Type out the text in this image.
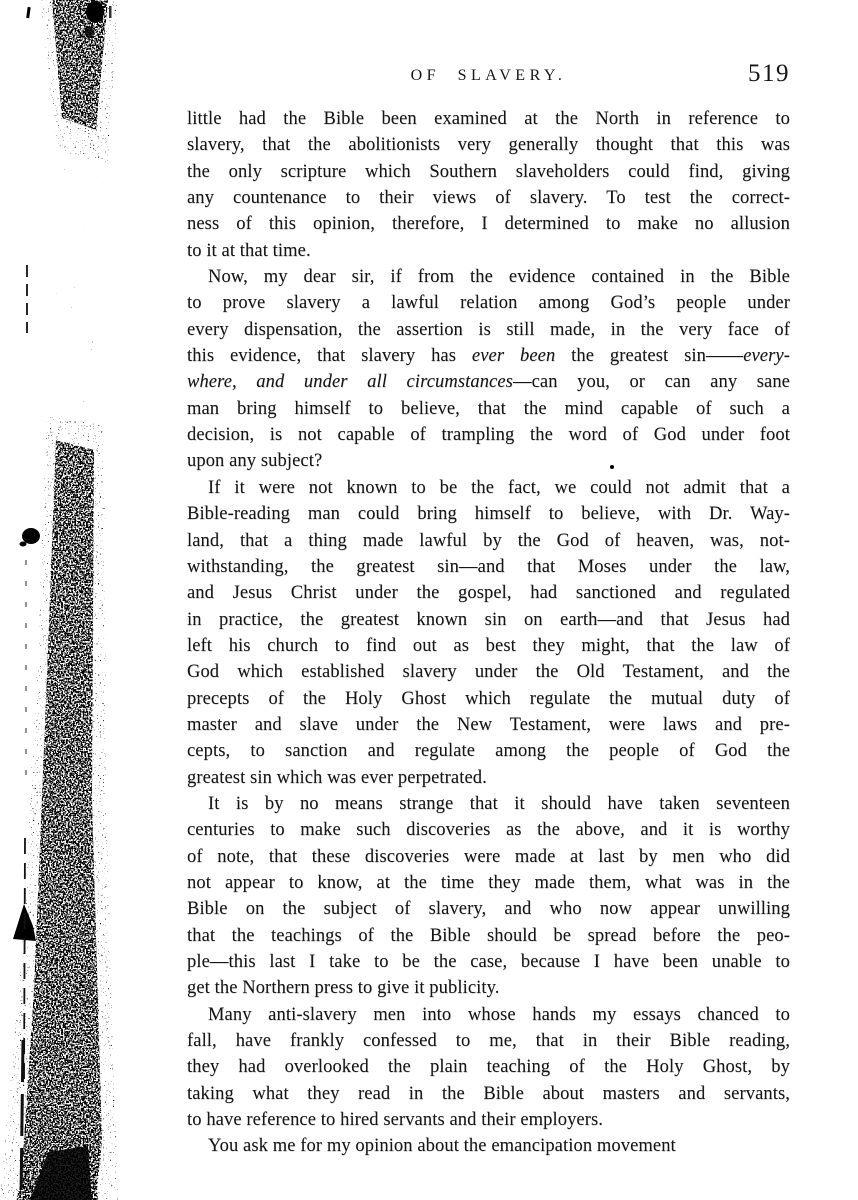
OF SLAVERY.	519
little had the Bible been examined at the North in reference to
slavery, that the abolitionists very generally thought that this was
the only scripture which Southern slaveholders could find, giving
any countenance to their views of slavery. To test the correct-
ness of this opinion, therefore, I determined to make no allusion
to it at that time.
Now, my dear sir, if from the evidence contained in the Bible
to prove slavery a lawful relation among God’s people under
every dispensation, the assertion is still made, in the very face of
this evidence, that slavery has ever been the greatest sin——every-
where, and under all circumstances—can you, or can any sane
man bring himself to believe, that the mind capable of such a
decision, is not capable of trampling the word of God under foot
upon any subject?
If it were not known to be the fact, we could not admit that a
Bible-reading man could bring himself to believe, with Dr. Way-
land, that a thing made lawful by the God of heaven, was, not-
withstanding, the greatest sin—and that Moses under the law,
and Jesus Christ under the gospel, had sanctioned and regulated
in practice, the greatest known sin on earth—and that Jesus had
left his church to find out as best they might, that the law of
God which established slavery under the Old Testament, and the
precepts of the Holy Ghost which regulate the mutual duty of
master and slave under the New Testament, were laws and pre-
cepts, to sanction and regulate among the people of God the
greatest sin which was ever perpetrated.
It is by no means strange that it should have taken seventeen
centuries to make such discoveries as the above, and it is worthy
of note, that these discoveries were made at last by men who did
not appear to know, at the time they made them, what was in the
Bible on the subject of slavery, and who now appear unwilling
that the teachings of the Bible should be spread before the peo-
ple—this last I take to be the case, because I have been unable to
get the Northern press to give it publicity.
Many anti-slavery men into whose hands my essays chanced to
fall, have frankly confessed to me, that in their Bible reading,
they had overlooked the plain teaching of the Holy Ghost, by
taking what they read in the Bible about masters and servants,
to have reference to hired servants and their employers.
You ask me for my opinion about the emancipation movement
